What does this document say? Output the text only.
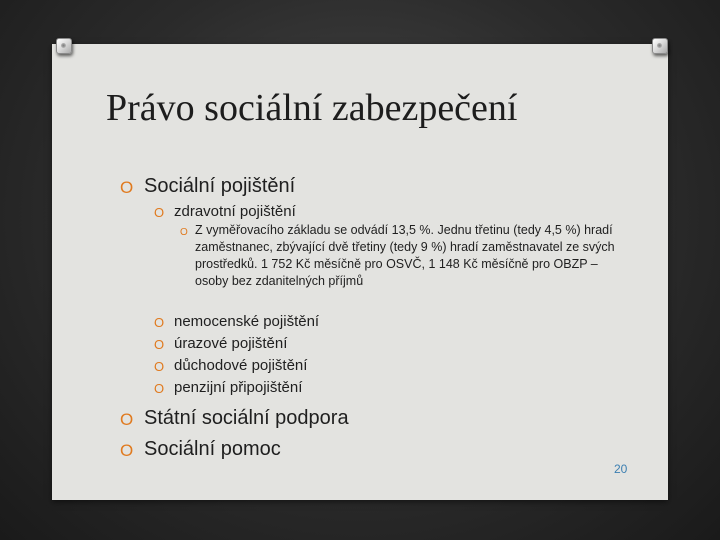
Právo sociální zabezpečení
O Sociální pojištění
O zdravotní pojištění
O Z vyměřovacího základu se odvádí 13,5 %. Jednu třetinu (tedy 4,5 %) hradí zaměstnanec, zbývající dvě třetiny (tedy 9 %) hradí zaměstnavatel ze svých prostředků. 1 752 Kč měsíčně pro OSVČ, 1 148 Kč měsíčně pro OBZP – osoby bez zdanitelných příjmů
O nemocenské pojištění
O úrazové pojištění
O důchodové pojištění
O penzijní připojištění
O Státní sociální podpora
O Sociální pomoc
20
